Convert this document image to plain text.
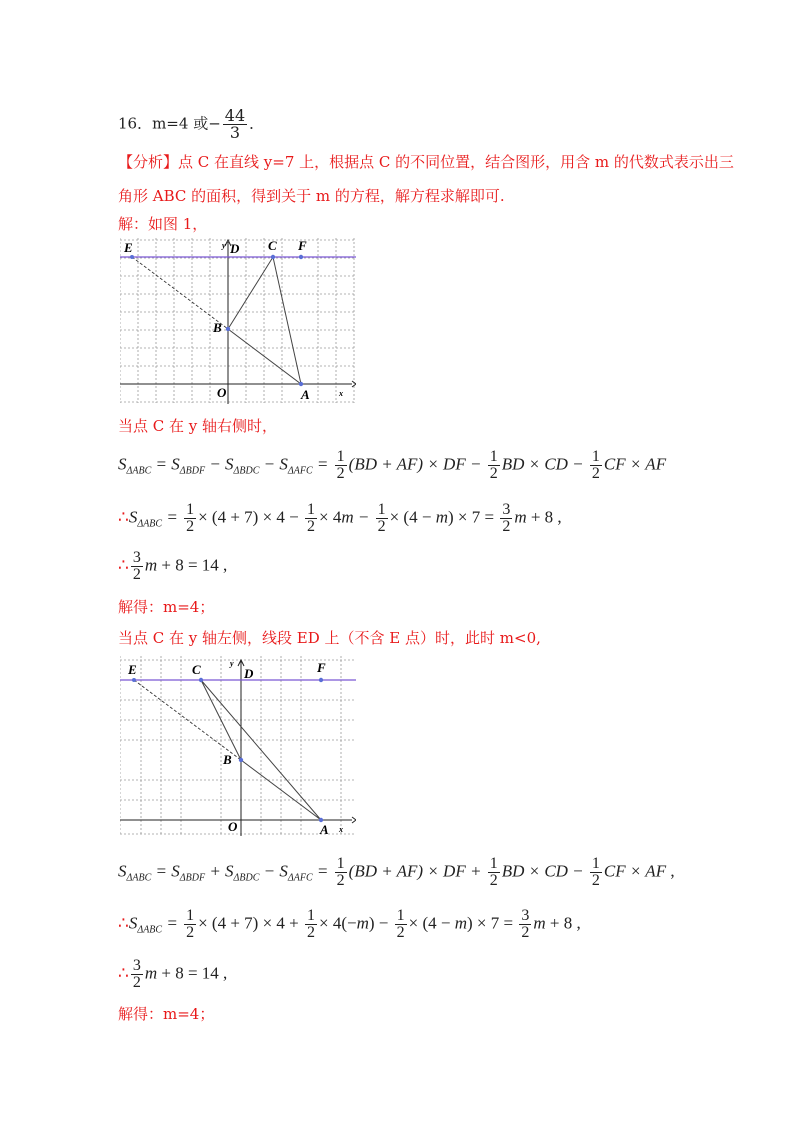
16．m=4 或− $\frac{44}{3}$ ．
【分析】点 C 在直线 y=7 上，根据点 C 的不同位置，结合图形，用含 m 的代数式表示出三
角形 ABC 的面积，得到关于 m 的方程，解方程求解即可.
解：如图 1，
E	y D C F
B
O	A	x
当点 C 在 y 轴右侧时，
$S_{\Delta ABC} = S_{\Delta BDF} - S_{\Delta BDC} - S_{\Delta AFC} = \frac{1}{2} (BD + AF)$ × DF − $\frac{1}{2}$ BD × CD − $\frac{1}{2}$ CF × AF
$\therefore S_{\Delta ABC} = \frac{1}{2} \times (4 + 7) \times 4 - \frac{1}{2} \times 4m - \frac{1}{2} \times (4 - m) \times 7 = \frac{3}{2}$ m + 8 ,
∴ $\frac{3}{2}$ m + 8 = 14 ,
解得：m=4；
当点 C 在 y 轴左侧，线段 ED 上（不含 E 点）时，此时 m<0,
E	C	y
D	F
B
O	A x
$S_{\Delta ABC} = S_{\Delta BDF} + S_{\Delta BDC} - S_{\Delta AFC} = \frac{1}{2} (BD + AF)$ × DF + $\frac{1}{2}$ BD × CD − $\frac{1}{2}$ CF × AF ,
$\therefore S_{\Delta ABC} = \frac{1}{2} \times (4 + 7) \times 4 + \frac{1}{2} \times 4(-m) - \frac{1}{2} \times (4 - m) \times 7 = \frac{3}{2}$ m + 8 ,
∴ $\frac{3}{2}$ m + 8 = 14 ,
解得：m=4；
